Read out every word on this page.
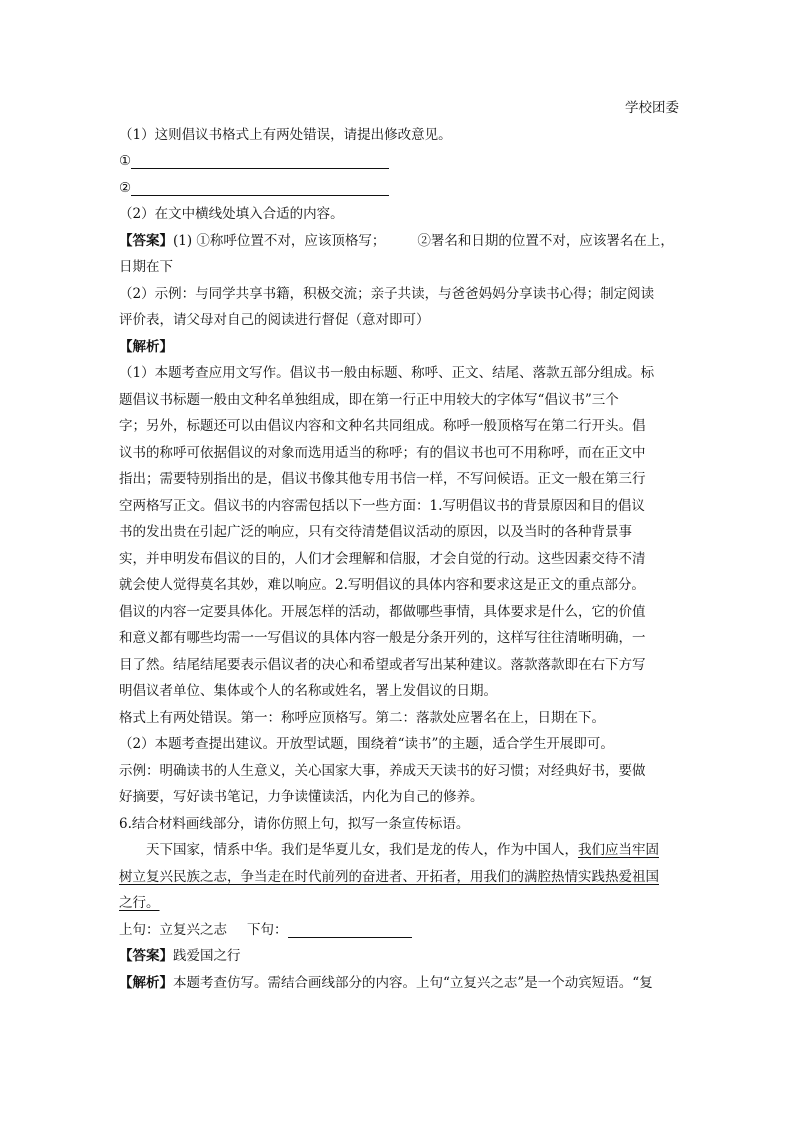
学校团委
（1）这则倡议书格式上有两处错误，请提出修改意见。
①
②
（2）在文中横线处填入合适的内容。
【答案】(1) ①称呼位置不对，应该顶格写； ②署名和日期的位置不对，应该署名在上，
日期在下
（2）示例：与同学共享书籍，积极交流；亲子共读，与爸爸妈妈分享读书心得；制定阅读
评价表，请父母对自己的阅读进行督促（意对即可）
【解析】
（1）本题考查应用文写作。倡议书一般由标题、称呼、正文、结尾、落款五部分组成。标
题倡议书标题一般由文种名单独组成，即在第一行正中用较大的字体写“倡议书”三个
字；另外，标题还可以由倡议内容和文种名共同组成。称呼一般顶格写在第二行开头。倡
议书的称呼可依据倡议的对象而选用适当的称呼；有的倡议书也可不用称呼，而在正文中
指出；需要特别指出的是，倡议书像其他专用书信一样，不写问候语。正文一般在第三行
空两格写正文。倡议书的内容需包括以下一些方面：1.写明倡议书的背景原因和目的倡议
书的发出贵在引起广泛的响应，只有交待清楚倡议活动的原因，以及当时的各种背景事
实，并申明发布倡议的目的，人们才会理解和信服，才会自觉的行动。这些因素交待不清
就会使人觉得莫名其妙，难以响应。2.写明倡议的具体内容和要求这是正文的重点部分。
倡议的内容一定要具体化。开展怎样的活动，都做哪些事情，具体要求是什么，它的价值
和意义都有哪些均需一一写倡议的具体内容一般是分条开列的，这样写往往清晰明确，一
目了然。结尾结尾要表示倡议者的决心和希望或者写出某种建议。落款落款即在右下方写
明倡议者单位、集体或个人的名称或姓名，署上发倡议的日期。
格式上有两处错误。第一：称呼应顶格写。第二：落款处应署名在上，日期在下。
（2）本题考查提出建议。开放型试题，围绕着“读书”的主题，适合学生开展即可。
示例：明确读书的人生意义，关心国家大事，养成天天读书的好习惯；对经典好书，要做
好摘要，写好读书笔记，力争读懂读活，内化为自己的修养。
6.结合材料画线部分，请你仿照上句，拟写一条宣传标语。
天下国家，情系中华。我们是华夏儿女，我们是龙的传人，作为中国人，我们应当牢固
树立复兴民族之志，争当走在时代前列的奋进者、开拓者，用我们的满腔热情实践热爱祖国
之行。
上句：立复兴之志 下句：
【答案】践爱国之行
【解析】本题考查仿写。需结合画线部分的内容。上句“立复兴之志”是一个动宾短语。“复
